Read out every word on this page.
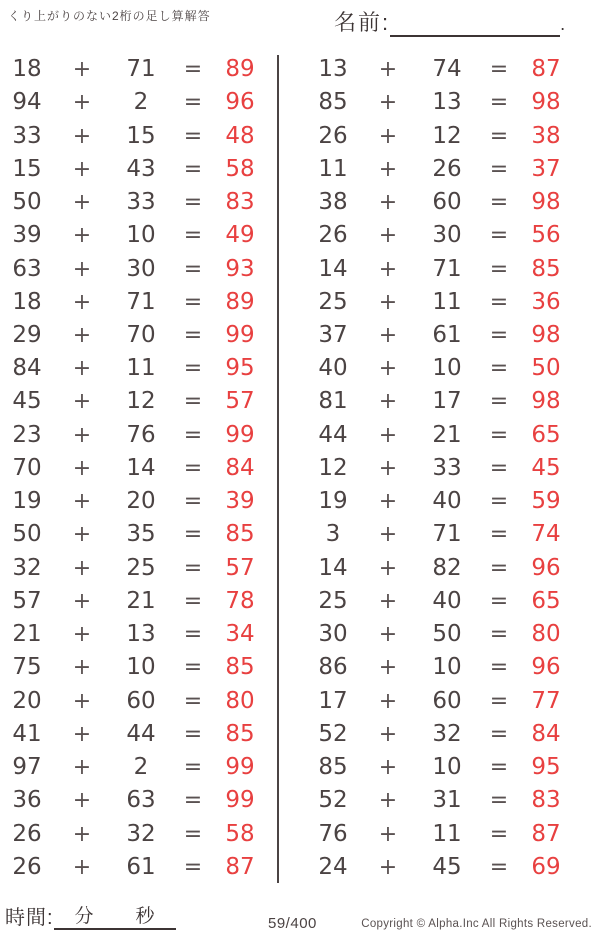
くり上がりのない2桁の足し算解答	名前:	.
18	+	71	=	89
94	+	2	=	96
33	+	15	=	48
15	+	43	=	58
50	+	33	=	83
39	+	10	=	49
63	+	30	=	93
18	+	71	=	89
29	+	70	=	99
84	+	11	=	95
45	+	12	=	57
23	+	76	=	99
70	+	14	=	84
19	+	20	=	39
50	+	35	=	85
32	+	25	=	57
57	+	21	=	78
21	+	13	=	34
75	+	10	=	85
20	+	60	=	80
41	+	44	=	85
97	+	2	=	99
36	+	63	=	99
26	+	32	=	58
26	+	61	=	87
13	+	74	=	87
85	+	13	=	98
26	+	12	=	38
11	+	26	=	37
38	+	60	=	98
26	+	30	=	56
14	+	71	=	85
25	+	11	=	36
37	+	61	=	98
40	+	10	=	50
81	+	17	=	98
44	+	21	=	65
12	+	33	=	45
19	+	40	=	59
3	+	71	=	74
14	+	82	=	96
25	+	40	=	65
30	+	50	=	80
86	+	10	=	96
17	+	60	=	77
52	+	32	=	84
85	+	10	=	95
52	+	31	=	83
76	+	11	=	87
24	+	45	=	69
時間: 分 秒	59/400	Copyright © Alpha.Inc All Rights Reserved.
